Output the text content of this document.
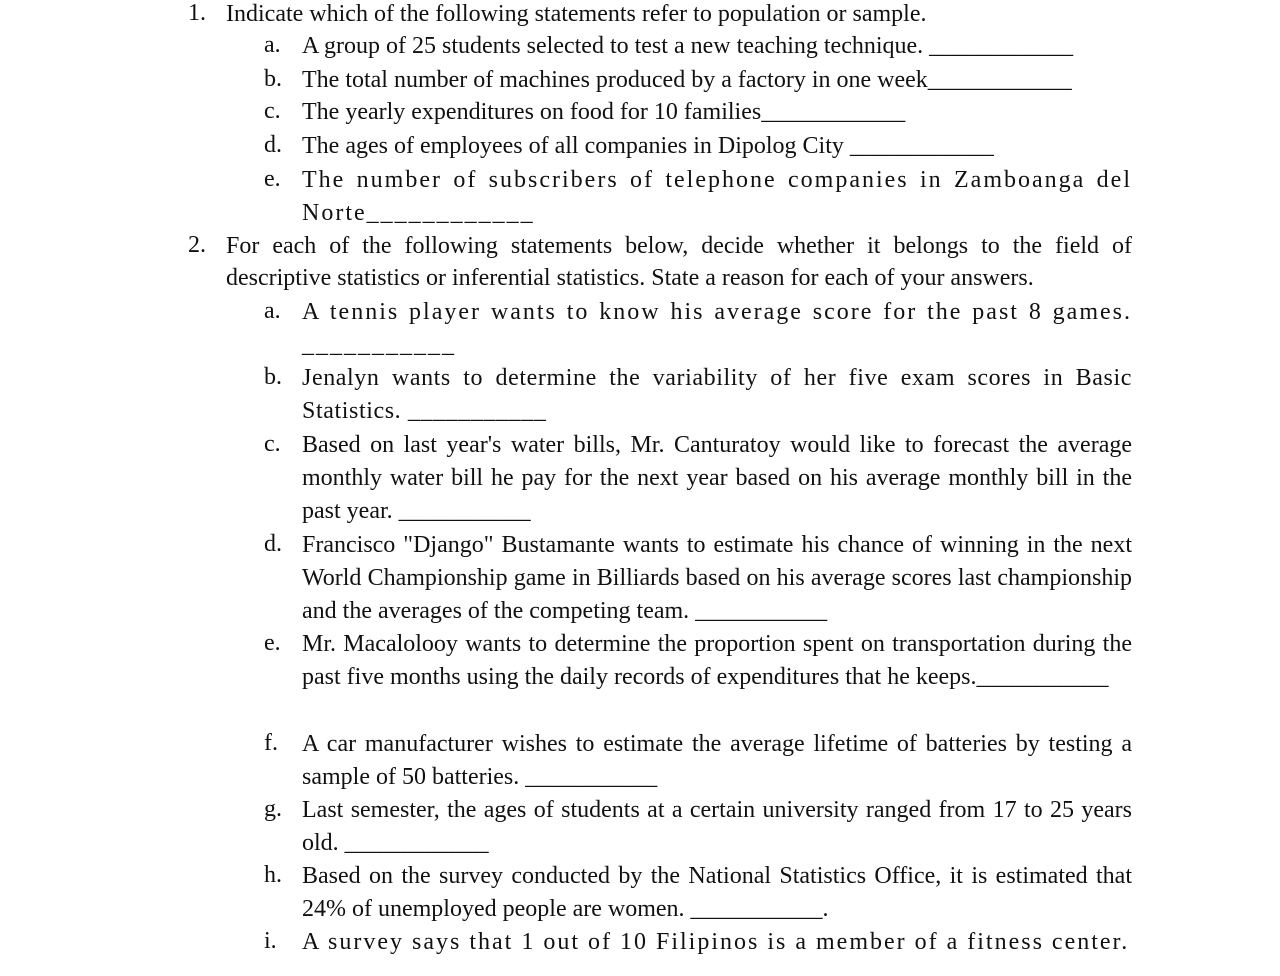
1. Indicate which of the following statements refer to population or sample.
a. A group of 25 students selected to test a new teaching technique. ____________
b. The total number of machines produced by a factory in one week____________
c. The yearly expenditures on food for 10 families____________
d. The ages of employees of all companies in Dipolog City ____________
e. The number of subscribers of telephone companies in Zamboanga del Norte____________
2. For each of the following statements below, decide whether it belongs to the field of descriptive statistics or inferential statistics. State a reason for each of your answers.
a. A tennis player wants to know his average score for the past 8 games. ___________
b. Jenalyn wants to determine the variability of her five exam scores in Basic Statistics. ___________
c. Based on last year's water bills, Mr. Canturatoy would like to forecast the average monthly water bill he pay for the next year based on his average monthly bill in the past year. ___________
d. Francisco "Django" Bustamante wants to estimate his chance of winning in the next World Championship game in Billiards based on his average scores last championship and the averages of the competing team. ___________
e. Mr. Macalolooy wants to determine the proportion spent on transportation during the past five months using the daily records of expenditures that he keeps.___________
f.	A car manufacturer wishes to estimate the average lifetime of batteries by testing a sample of 50 batteries. ___________
g. Last semester, the ages of students at a certain university ranged from 17 to 25 years old. ____________
h. Based on the survey conducted by the National Statistics Office, it is estimated that 24% of unemployed people are women. ___________.
i.	A survey says that 1 out of 10 Filipinos is a member of a fitness center.
